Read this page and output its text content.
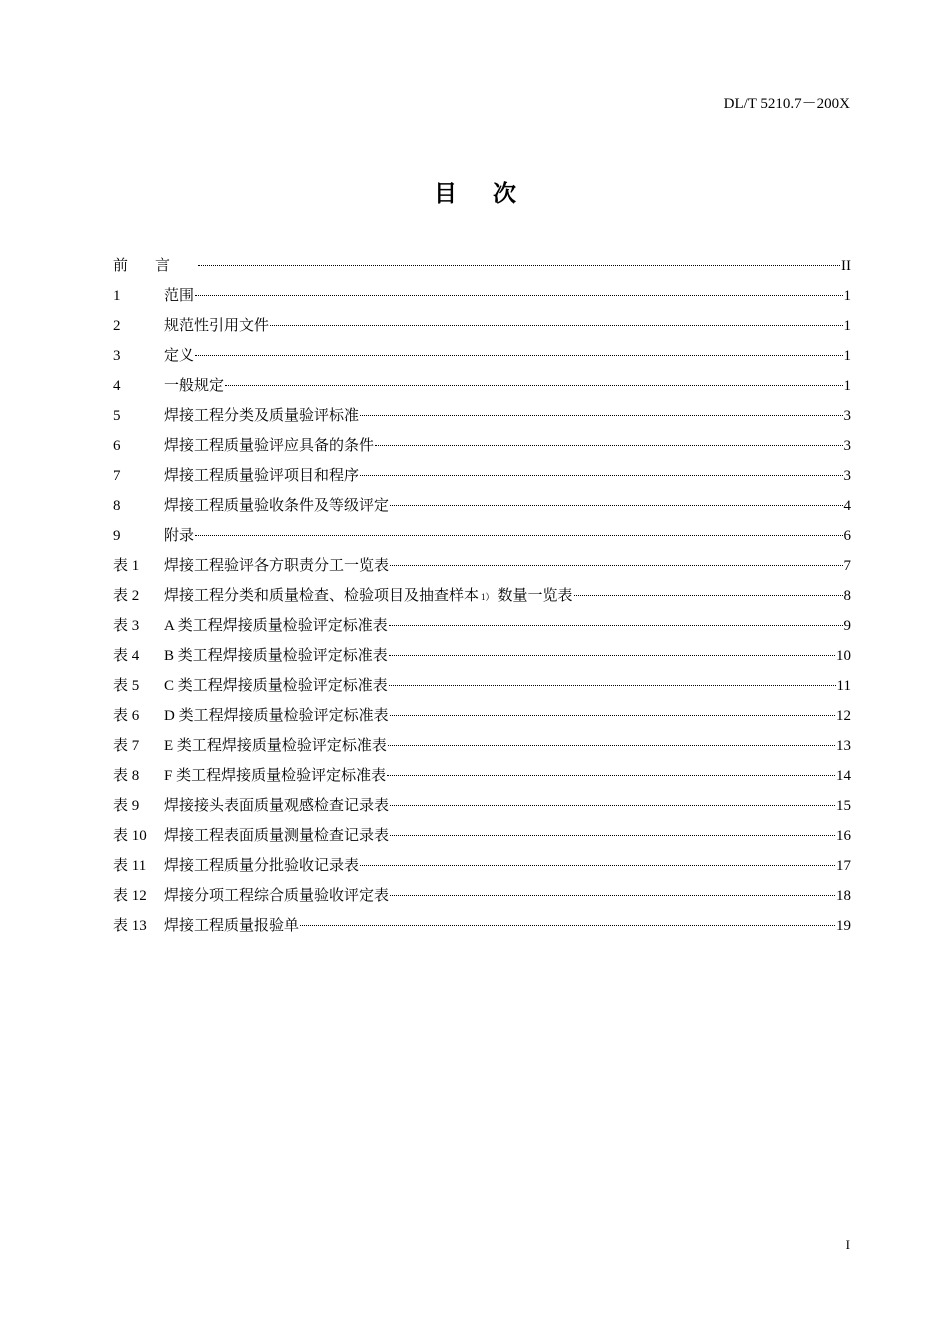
DL/T 5210.7－200X
目次
前言	II
1	范围	1
2	规范性引用文件	1
3	定义	1
4	一般规定	1
5	焊接工程分类及质量验评标准	3
6	焊接工程质量验评应具备的条件	3
7	焊接工程质量验评项目和程序	3
8	焊接工程质量验收条件及等级评定	4
9	附录	6
表 1	焊接工程验评各方职责分工一览表	7
表 2	焊接工程分类和质量检查、检验项目及抽查样本 1） 数量一览表	8
表 3	A 类工程焊接质量检验评定标准表	9
表 4	B 类工程焊接质量检验评定标准表	10
表 5	C 类工程焊接质量检验评定标准表	11
表 6	D 类工程焊接质量检验评定标准表	12
表 7	E 类工程焊接质量检验评定标准表	13
表 8	F 类工程焊接质量检验评定标准表	14
表 9	焊接接头表面质量观感检查记录表	15
表 10	焊接工程表面质量测量检查记录表	16
表 11	焊接工程质量分批验收记录表	17
表 12	焊接分项工程综合质量验收评定表	18
表 13	焊接工程质量报验单	19
I
